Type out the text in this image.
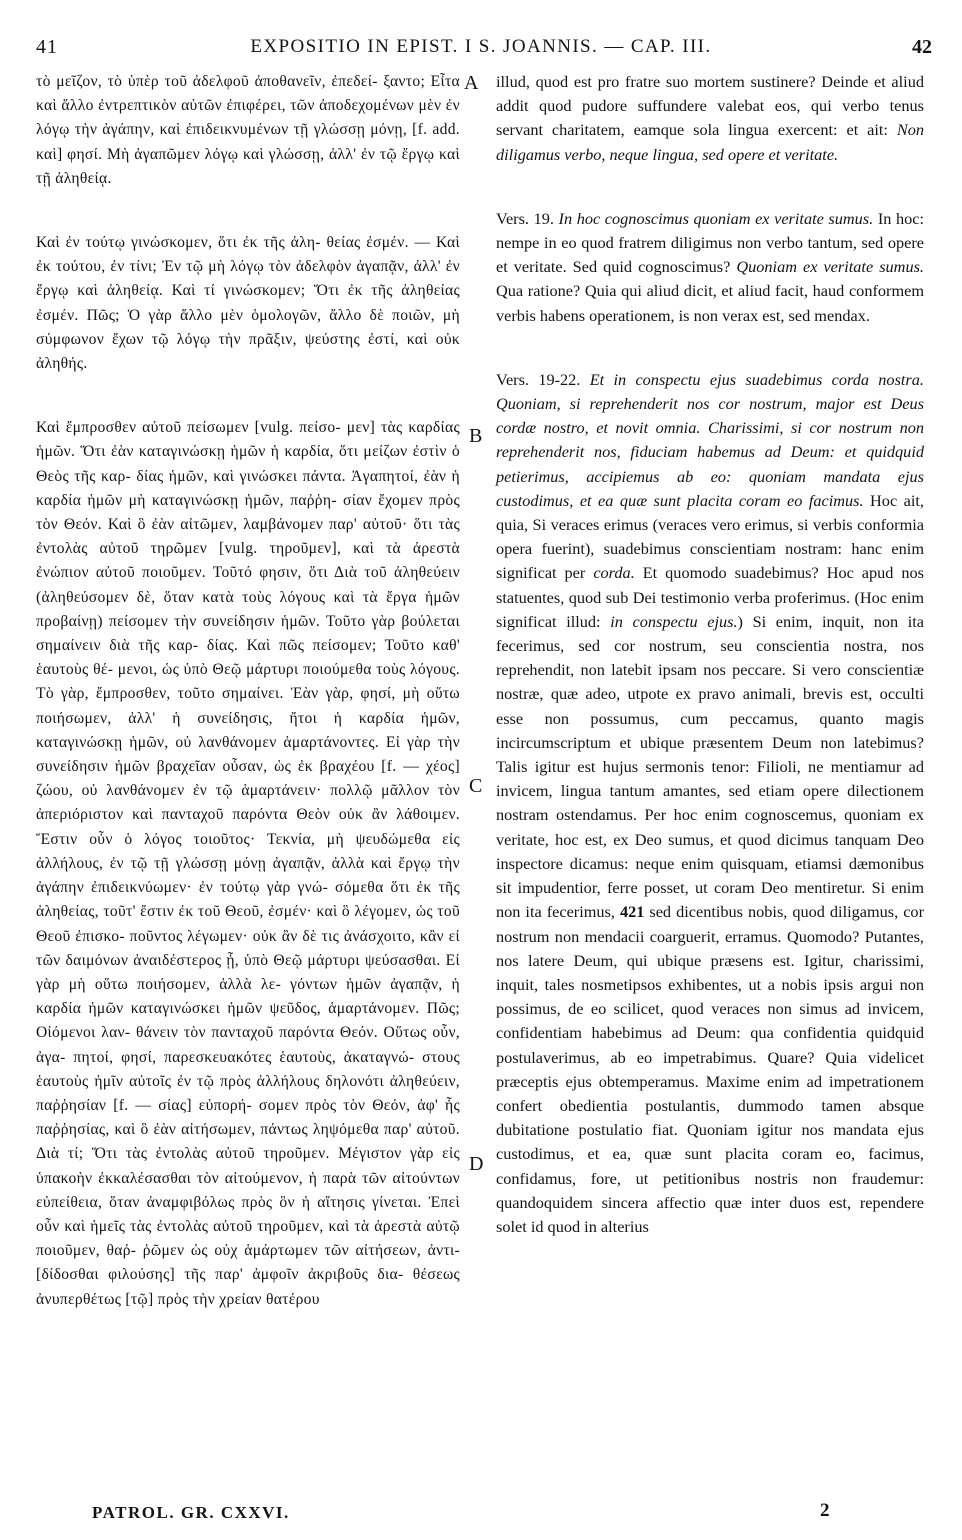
41	EXPOSITIO IN EPIST. I S. JOANNIS. — CAP. III.	42

τὸ μεῖζον, τὸ ὑπὲρ τοῦ ἀδελφοῦ ἀποθανεῖν, ἐπεδεί- ξαντο; Εἶτα καὶ ἄλλο ἐντρεπτικὸν αὐτῶν ἐπιφέρει, τῶν ἀποδεχομένων μὲν ἐν λόγῳ τὴν ἀγάπην, καὶ ἐπιδεικνυμένων τῇ γλώσσῃ μόνῃ, [f. add. καὶ] φησί. Μὴ ἀγαπῶμεν λόγῳ καὶ γλώσσῃ, ἀλλ' ἐν τῷ ἔργῳ καὶ τῇ ἀληθείᾳ.

Καὶ ἐν τούτῳ γινώσκομεν, ὅτι ἐκ τῆς ἀλη- θείας ἐσμέν. — Καὶ ἐκ τούτου, ἐν τίνι; Ἐν τῷ μὴ λόγῳ τὸν ἀδελφὸν ἀγαπᾷν, ἀλλ' ἐν ἔργῳ καὶ ἀληθείᾳ. Καὶ τί γινώσκομεν; Ὅτι ἐκ τῆς ἀληθείας ἐσμέν. Πῶς; Ὁ γὰρ ἄλλο μὲν ὁμολογῶν, ἄλλο δὲ ποιῶν, μὴ σύμφωνον ἔχων τῷ λόγῳ τὴν πρᾶξιν, ψεύστης ἐστί, καὶ οὐκ ἀληθής.

Καὶ ἔμπροσθεν αὐτοῦ πείσωμεν [vulg. πείσο- μεν] τὰς καρδίας ἡμῶν. Ὅτι ἐὰν καταγινώσκῃ ἡμῶν ἡ καρδία, ὅτι μείζων ἐστὶν ὁ Θεὸς τῆς καρ- δίας ἡμῶν, καὶ γινώσκει πάντα. Ἀγαπητοί, ἐὰν ἡ καρδία ἡμῶν μὴ καταγινώσκῃ ἡμῶν, παῤῥη- σίαν ἔχομεν πρὸς τὸν Θεόν. Καὶ ὃ ἐὰν αἰτῶμεν, λαμβάνομεν παρ' αὐτοῦ· ὅτι τὰς ἐντολὰς αὐτοῦ τηρῶμεν [vulg. τηροῦμεν], καὶ τὰ ἀρεστὰ ἐνώπιον αὐτοῦ ποιοῦμεν. Τοῦτό φησιν, ὅτι Διὰ τοῦ ἀληθεύειν (ἀληθεύσομεν δὲ, ὅταν κατὰ τοὺς λόγους καὶ τὰ ἔργα ἡμῶν προβαίνῃ) πείσομεν τὴν συνείδησιν ἡμῶν. Τοῦτο γὰρ βούλεται σημαίνειν διὰ τῆς καρ- δίας. Καὶ πῶς πείσομεν; Τοῦτο καθ' ἑαυτοὺς θέ- μενοι, ὡς ὑπὸ Θεῷ μάρτυρι ποιούμεθα τοὺς λόγους. Τὸ γὰρ, ἔμπροσθεν, τοῦτο σημαίνει. Ἐὰν γὰρ, φησί, μὴ οὕτω ποιήσωμεν, ἀλλ' ἡ συνείδησις, ἤτοι ἡ καρδία ἡμῶν, καταγινώσκῃ ἡμῶν, οὐ λανθάνομεν ἁμαρτάνοντες. Εἰ γὰρ τὴν συνείδησιν ἡμῶν βραχεῖαν οὖσαν, ὡς ἐκ βραχέου [f. — χέος] ζώου, οὐ λανθάνομεν ἐν τῷ ἁμαρτάνειν· πολλῷ μᾶλλον τὸν ἀπεριόριστον καὶ πανταχοῦ παρόντα Θεὸν οὐκ ἂν λάθοιμεν. Ἔστιν οὖν ὁ λόγος τοιοῦτος· Τεκνία, μὴ ψευδώμεθα εἰς ἀλλήλους, ἐν τῷ τῇ γλώσσῃ μόνῃ ἀγαπᾷν, ἀλλὰ καὶ ἔργῳ τὴν ἀγάπην ἐπιδεικνύωμεν· ἐν τούτῳ γὰρ γνώ- σόμεθα ὅτι ἐκ τῆς ἀληθείας, τοῦτ' ἔστιν ἐκ τοῦ Θεοῦ, ἐσμέν· καὶ ὃ λέγομεν, ὡς τοῦ Θεοῦ ἐπισκο- ποῦντος λέγωμεν· οὐκ ἂν δὲ τις ἀνάσχοιτο, κἂν εἰ τῶν δαιμόνων ἀναιδέστερος ᾖ, ὑπὸ Θεῷ μάρτυρι ψεύσασθαι. Εἰ γὰρ μὴ οὕτω ποιήσομεν, ἀλλὰ λε- γόντων ἡμῶν ἀγαπᾷν, ἡ καρδία ἡμῶν καταγινώσκει ἡμῶν ψεῦδος, ἁμαρτάνομεν. Πῶς; Οἰόμενοι λαν- θάνειν τὸν πανταχοῦ παρόντα Θεόν. Οὕτως οὖν, ἀγα- πητοί, φησί, παρεσκευακότες ἑαυτοὺς, ἀκαταγνώ- στους ἑαυτοὺς ἡμῖν αὐτοῖς ἐν τῷ πρὸς ἀλλήλους δηλονότι ἀληθεύειν, παῤῥησίαν [f. — σίας] εὐπορή- σομεν πρὸς τὸν Θεόν, ἀφ' ἧς παῤῥησίας, καὶ ὃ ἐὰν αἰτήσωμεν, πάντως ληψόμεθα παρ' αὐτοῦ. Διὰ τί; Ὅτι τὰς ἐντολὰς αὐτοῦ τηροῦμεν. Μέγιστον γὰρ εἰς ὑπακοὴν ἐκκαλέσασθαι τὸν αἰτούμενον, ἡ παρὰ τῶν αἰτούντων εὐπείθεια, ὅταν ἀναμφιβόλως πρὸς ὃν ἡ αἴτησις γίνεται. Ἐπεὶ οὖν καὶ ἡμεῖς τὰς ἐντολὰς αὐτοῦ τηροῦμεν, καὶ τὰ ἀρεστὰ αὐτῷ ποιοῦμεν, θαῤ- ῥῶμεν ὡς οὐχ ἁμάρτωμεν τῶν αἰτήσεων, ἀντι- [δίδοσθαι φιλούσης] τῆς παρ' ἀμφοῖν ἀκριβοῦς δια- θέσεως ἀνυπερθέτως [τῷ] πρὸς τὴν χρείαν θατέρου

A
B
C
D

illud, quod est pro fratre suo mortem sustinere? Deinde et aliud addit quod pudore suffundere valebat eos, qui verbo tenus servant charitatem, eamque sola lingua exercent: et ait: Non diligamus verbo, neque lingua, sed opere et veritate.

Vers. 19. In hoc cognoscimus quoniam ex veritate sumus. In hoc: nempe in eo quod fratrem diligimus non verbo tantum, sed opere et veritate. Sed quid cognoscimus? Quoniam ex veritate sumus. Qua ratione? Quia qui aliud dicit, et aliud facit, haud conformem verbis habens operationem, is non verax est, sed mendax.

Vers. 19-22. Et in conspectu ejus suadebimus corda nostra. Quoniam, si reprehenderit nos cor nostrum, major est Deus cordæ nostro, et novit omnia. Charissimi, si cor nostrum non reprehenderit nos, fiduciam habemus ad Deum: et quidquid petierimus, accipiemus ab eo: quoniam mandata ejus custodimus, et ea quæ sunt placita coram eo facimus. Hoc ait, quia, Si veraces erimus (veraces vero erimus, si verbis conformia opera fuerint), suadebimus conscientiam nostram: hanc enim significat per corda. Et quomodo suadebimus? Hoc apud nos statuentes, quod sub Dei testimonio verba proferimus. (Hoc enim significat illud: in conspectu ejus.) Si enim, inquit, non ita fecerimus, sed cor nostrum, seu conscientia nostra, nos reprehendit, non latebit ipsam nos peccare. Si vero conscientiæ nostræ, quæ adeo, utpote ex pravo animali, brevis est, occulti esse non possumus, cum peccamus, quanto magis incircumscriptum et ubique præsentem Deum non latebimus? Talis igitur est hujus sermonis tenor: Filioli, ne mentiamur ad invicem, lingua tantum amantes, sed etiam opere dilectionem nostram ostendamus. Per hoc enim cognoscemus, quoniam ex veritate, hoc est, ex Deo sumus, et quod dicimus tanquam Deo inspectore dicamus: neque enim quisquam, etiamsi dæmonibus sit impudentior, ferre posset, ut coram Deo mentiretur. Si enim non ita fecerimus, 421 sed dicentibus nobis, quod diligamus, cor nostrum non mendacii coarguerit, erramus. Quomodo? Putantes, nos latere Deum, qui ubique præsens est. Igitur, charissimi, inquit, tales nosmetipsos exhibentes, ut a nobis ipsis argui non possimus, de eo scilicet, quod veraces non simus ad invicem, confidentiam habebimus ad Deum: qua confidentia quidquid postulaverimus, ab eo impetrabimus. Quare? Quia videlicet præceptis ejus obtemperamus. Maxime enim ad impetrationem confert obedientia postulantis, dummodo tamen absque dubitatione postulatio fiat. Quoniam igitur nos mandata ejus custodimus, et ea, quæ sunt placita coram eo, facimus, confidamus, fore, ut petitionibus nostris non fraudemur: quandoquidem sincera affectio quæ inter duos est, rependere solet id quod in alterius

PATROL. GR. CXXVI.	2
